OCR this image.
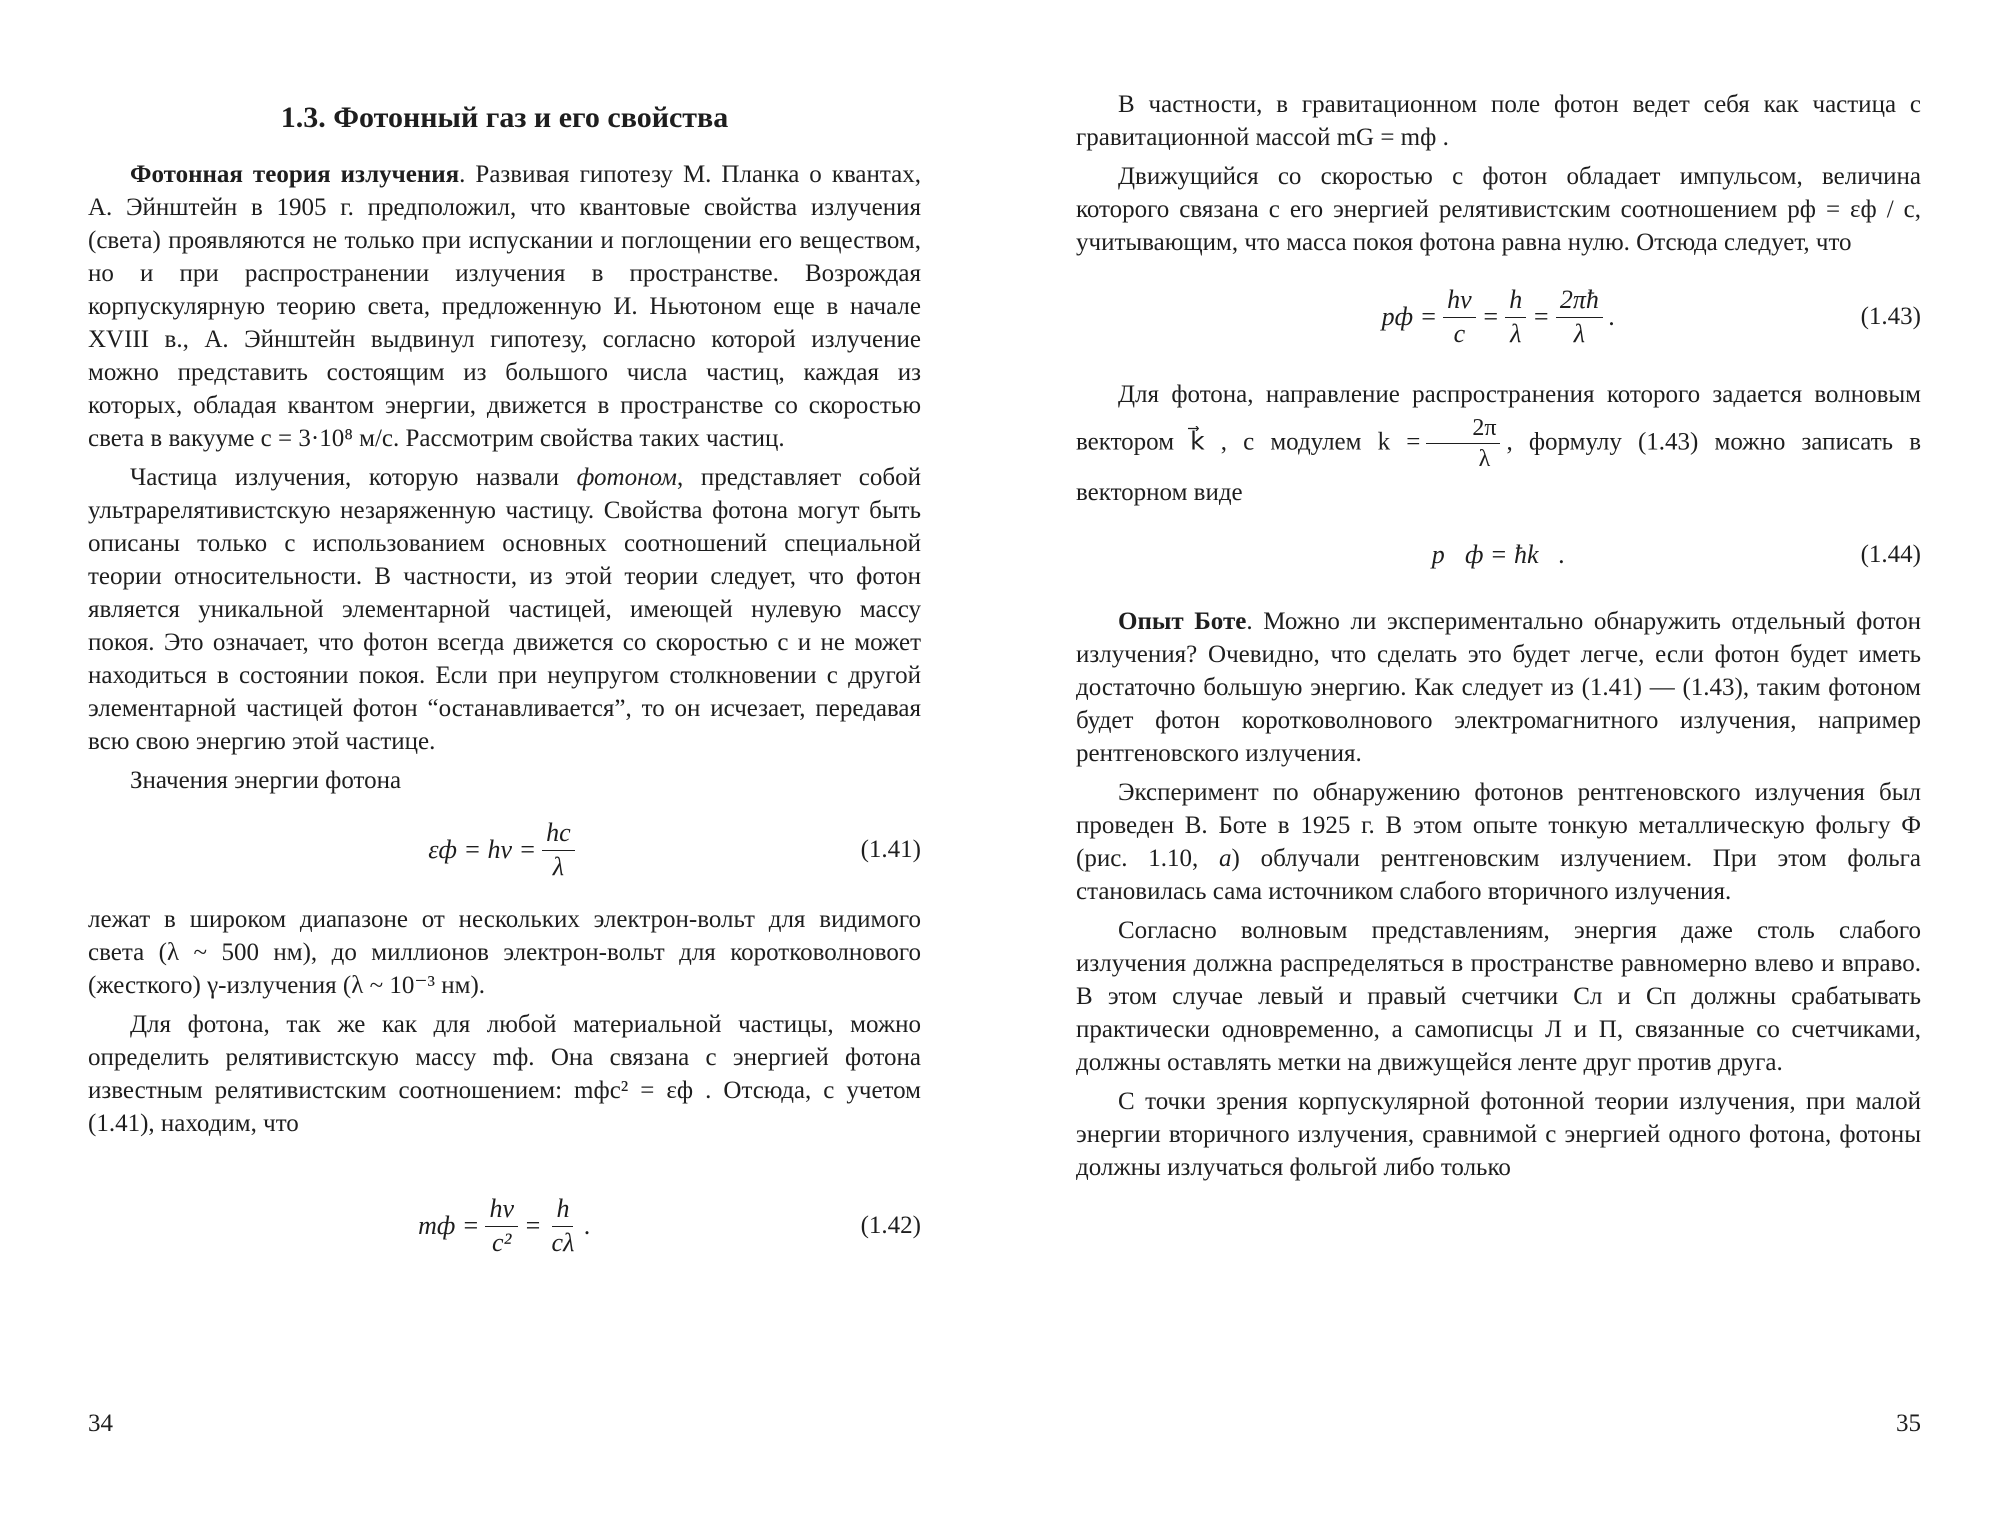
1.3. Фотонный газ и его свойства

Фотонная теория излучения. Развивая гипотезу М. Планка о квантах, А. Эйнштейн в 1905 г. предположил, что квантовые свойства излучения (света) проявляются не только при испускании и поглощении его веществом, но и при распространении излучения в пространстве. Возрождая корпускулярную теорию света, предложенную И. Ньютоном еще в начале XVIII в., А. Эйнштейн выдвинул гипотезу, согласно которой излучение можно представить состоящим из большого числа частиц, каждая из которых, обладая квантом энергии, движется в пространстве со скоростью света в вакууме c = 3·10⁸ м/с. Рассмотрим свойства таких частиц.

Частица излучения, которую назвали фотоном, представляет собой ультрарелятивистскую незаряженную частицу. Свойства фотона могут быть описаны только с использованием основных соотношений специальной теории относительности. В частности, из этой теории следует, что фотон является уникальной элементарной частицей, имеющей нулевую массу покоя. Это означает, что фотон всегда движется со скоростью c и не может находиться в состоянии покоя. Если при неупругом столкновении с другой элементарной частицей фотон “останавливается”, то он исчезает, передавая всю свою энергию этой частице.

Значения энергии фотона

$\varepsilon ф = h\nu = \frac{hc}{\lambda}$	(1.41)

лежат в широком диапазоне от нескольких электрон-вольт для видимого света (λ ~ 500 нм), до миллионов электрон-вольт для коротковолнового (жесткого) γ-излучения (λ ~ 10⁻³ нм).

Для фотона, так же как для любой материальной частицы, можно определить релятивистскую массу mф. Она связана с энергией фотона известным релятивистским соотношением: mфc² = εф . Отсюда, с учетом (1.41), находим, что

mф = $\frac{h\nu}{\text{c²}} = \frac{h}{c\lambda}$ .	(1.42)
34

В частности, в гравитационном поле фотон ведет себя как частица с гравитационной массой mG = mф .

Движущийся со скоростью c фотон обладает импульсом, величина которого связана с его энергией релятивистским соотношением pф = εф / c, учитывающим, что масса покоя фотона равна нулю. Отсюда следует, что

pф = $\frac{h\nu}{c} = \frac{h}{\lambda} = \frac{2\pi ħ}{\lambda}$ .	(1.43)

Для фотона, направление распространения которого задается волновым вектором k⃗ , с модулем $k = \frac{2\pi}{\lambda}$ , формулу (1.43) можно записать в векторном виде

p⃗ф = ħk⃗.	(1.44)

Опыт Боте. Можно ли экспериментально обнаружить отдельный фотон излучения? Очевидно, что сделать это будет легче, если фотон будет иметь достаточно большую энергию. Как следует из (1.41) — (1.43), таким фотоном будет фотон коротковолнового электромагнитного излучения, например рентгеновского излучения.

Эксперимент по обнаружению фотонов рентгеновского излучения был проведен В. Боте в 1925 г. В этом опыте тонкую металлическую фольгу Ф (рис. 1.10, а) облучали рентгеновским излучением. При этом фольга становилась сама источником слабого вторичного излучения.

Согласно волновым представлениям, энергия даже столь слабого излучения должна распределяться в пространстве равномерно влево и вправо. В этом случае левый и правый счетчики Сл и Сп должны срабатывать практически одновременно, а самописцы Л и П, связанные со счетчиками, должны оставлять метки на движущейся ленте друг против друга.

С точки зрения корпускулярной фотонной теории излучения, при малой энергии вторичного излучения, сравнимой с энергией одного фотона, фотоны должны излучаться фольгой либо только

35
